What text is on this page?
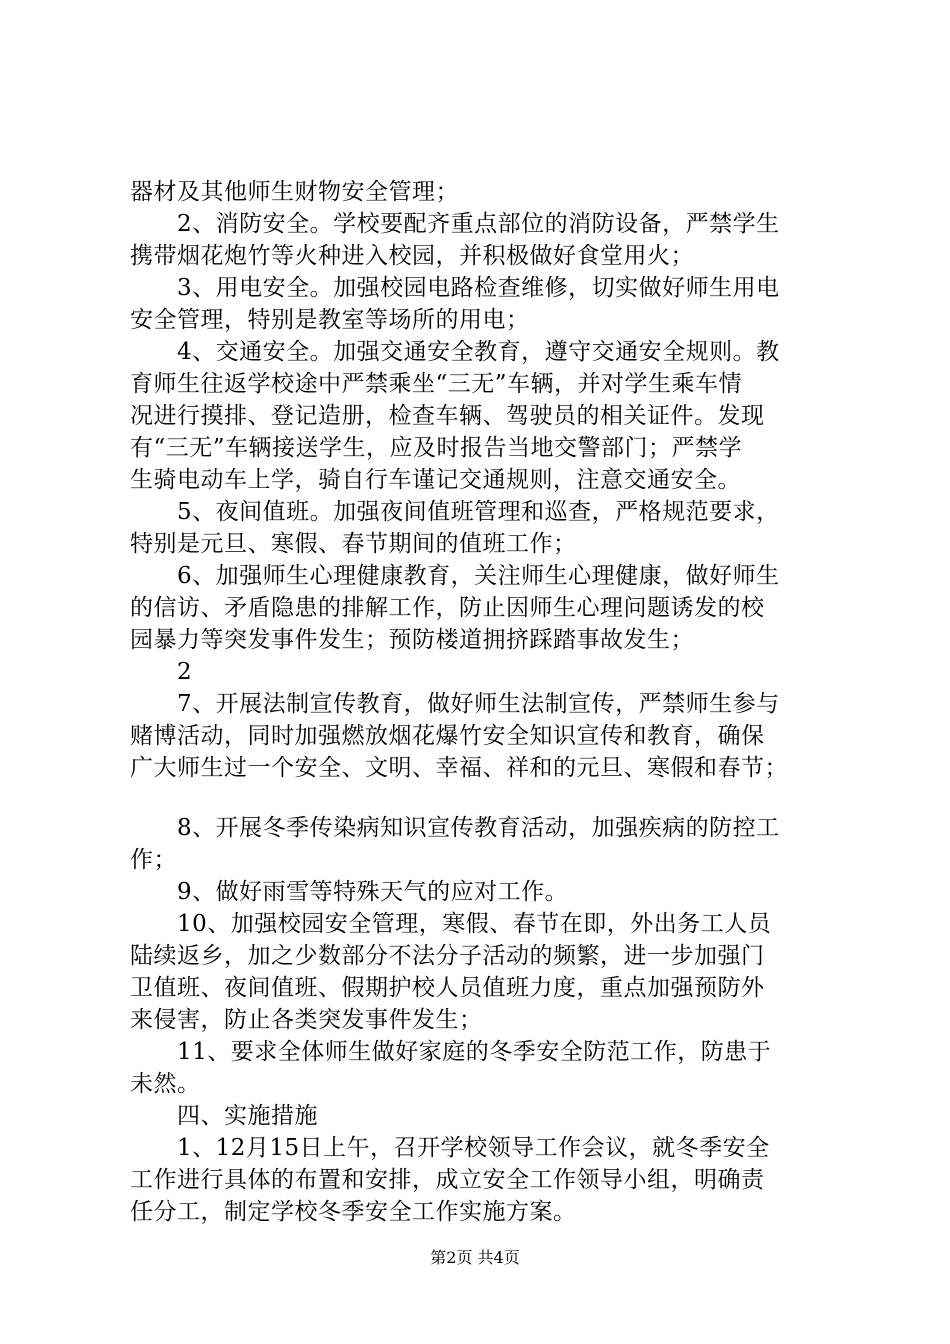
器材及其他师生财物安全管理；
　　2、消防安全。学校要配齐重点部位的消防设备，严禁学生
携带烟花炮竹等火种进入校园，并积极做好食堂用火；
　　3、用电安全。加强校园电路检查维修，切实做好师生用电
安全管理，特别是教室等场所的用电；
　　4、交通安全。加强交通安全教育，遵守交通安全规则。教
育师生往返学校途中严禁乘坐“三无”车辆，并对学生乘车情
况进行摸排、登记造册，检查车辆、驾驶员的相关证件。发现
有“三无”车辆接送学生，应及时报告当地交警部门；严禁学
生骑电动车上学，骑自行车谨记交通规则，注意交通安全。
　　5、夜间值班。加强夜间值班管理和巡查，严格规范要求，
特别是元旦、寒假、春节期间的值班工作；
　　6、加强师生心理健康教育，关注师生心理健康，做好师生
的信访、矛盾隐患的排解工作，防止因师生心理问题诱发的校
园暴力等突发事件发生；预防楼道拥挤踩踏事故发生；
　　2
　　7、开展法制宣传教育，做好师生法制宣传，严禁师生参与
赌博活动，同时加强燃放烟花爆竹安全知识宣传和教育，确保
广大师生过一个安全、文明、幸福、祥和的元旦、寒假和春节；
　　8、开展冬季传染病知识宣传教育活动，加强疾病的防控工
作；
　　9、做好雨雪等特殊天气的应对工作。
　　10、加强校园安全管理，寒假、春节在即，外出务工人员
陆续返乡，加之少数部分不法分子活动的频繁，进一步加强门
卫值班、夜间值班、假期护校人员值班力度，重点加强预防外
来侵害，防止各类突发事件发生；
　　11、要求全体师生做好家庭的冬季安全防范工作，防患于
未然。
　　四、实施措施
　　1、12月15日上午，召开学校领导工作会议，就冬季安全
工作进行具体的布置和安排，成立安全工作领导小组，明确责
任分工，制定学校冬季安全工作实施方案。
第2页 共4页
